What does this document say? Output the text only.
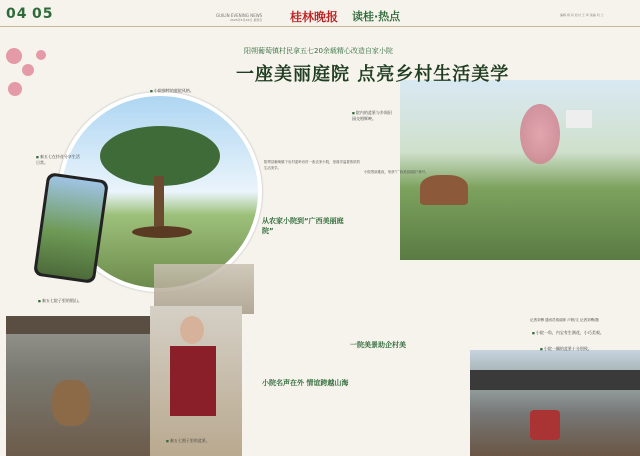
04 05	GUILIN EVENING NEWS
2025年5月26日 星期日 桂林晚报 读桂·热点	编辑 蒋 初 校对 王 审 美编 刘 兰
阳朔葡萄镇村民拿五七20余载精心改造自家小院
一座美丽庭院 点亮乡村生活美学
■ 小院独特的庭院风格。
■ 秦五七在抖音分享生活日常。
■ 院内的盆景与乡间田园交相辉映。
阳朔县葡萄镇下岩村委岭岩村一座农家小院，里面洋溢着浓浓的生活美学。
小院景致雅致，荣获“广西美丽庭院”称号。
从农家小院到“广西美丽庭院”
一院美景助企村美
记者刘博 通讯员蒋丽萍 卢婷/文 记者刘博/摄
■ 秦五七院子里的假山。
小院名声在外 情谊跨越山海
■ 秦五七照子里的盆景。
■ 小院一角，内宝有生满花，小巧美观。
■ 小院一隅的盆景十分别致。
